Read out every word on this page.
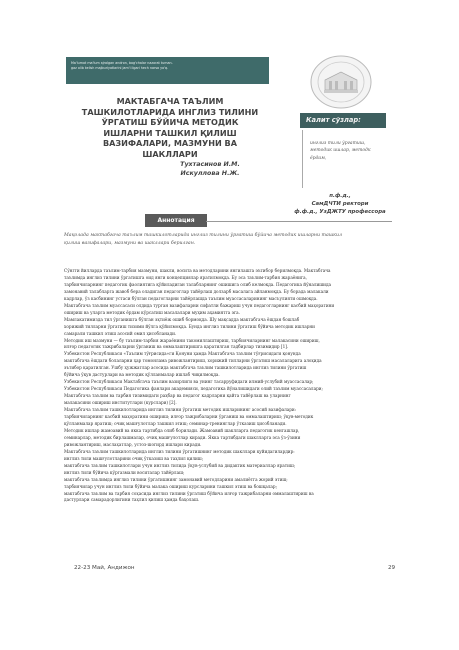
Ma'lumot ma'lum ajralgan andron, bog'chalar nazorat tuman.
gaz olib kelish majburiyatlarini jam'i ilgari hech narsa yo'q.
МАКТАБГАЧА ТАЪЛИМ
ТАШКИЛОТЛАРИДА ИНГЛИЗ ТИЛИНИ
ЎРГАТИШ БЎЙИЧА МЕТОДИК
ИШЛАРНИ ТАШКИЛ ҚИЛИШ
ВАЗИФАЛАРИ, МАЗМУНИ ВА
ШАКЛЛАРИ
Тухтасинов И.М.
Искуллова Н.Ж.
Калит сўзлар:
инглиз тили ўргатиш,
методик ишлар, методк
ёрдам,
п.ф.д.,
СамДЧТИ ректори
ф.ф.д., УзДЖТУ профессора
Аннотация
Мақолада мактабгача таълим ташкилотларида инглиз тилини ўргатиш бўйича методик ишларни ташкил
қилиш вазифалари, мазмуни ва шакллари берилган.
Сўнгги йилларда таълим-тарбия мазмуни, шакли, восита ва методларини янгилашга эътибор берилмоқда. Мактабгача
таълимда инглиз тилини ўргатишга оид янги концепциялар яратилмоқда. Бу эса таълим-тарбия жараёнига,
тарбиячиларнинг педагогик фаолиятига қўйиладиган талабларнинг ошишига олиб келмоқда. Педагогика йўналишида
замонавий талабларга жавоб бера оладиган педагоглар тайёрлаш долзарб масалага айланмоқда. Бу борада малакали
кадрлар, ўз касбининг устаси бўлган педагогларни тайёрлашда таълим муассасаларининг масъулияти ошмоқда.
Мактабгача таълим муассасаси олдида турган вазифаларни сифатли бажариш учун педагогларнинг касбий маҳоратини
ошириш ва уларга методик ёрдам кўрсатиш масалалари муҳим аҳамиятга эга.
Мамлакатимизда тил ўрганишга бўлган эҳтиёж ошиб бормоқда. Шу мақсадда мактабгача ёшдан бошлаб
хорижий тилларни ўргатиш тизими йўлга қўйилмоқда. Бунда инглиз тилини ўргатиш бўйича методик ишларни
самарали ташкил этиш асосий омил ҳисобланади.
Методик иш мазмуни — бу таълим-тарбия жараёнини такомиллаштириш, тарбиячиларнинг малакасини ошириш,
илғор педагогик тажрибаларни ўрганиш ва оммалаштиришга қаратилган тадбирлар тизимидир [1].
Ўзбекистон Республикаси «Таълим тўғрисида»ги Қонуни ҳамда Мактабгача таълим тўғрисидаги қонунда
мактабгача ёшдаги болаларни ҳар томонлама ривожлантириш, хорижий тилларни ўргатиш масалаларига алоҳида
эътибор қаратилган. Ушбу ҳужжатлар асосида мактабгача таълим ташкилотларида инглиз тилини ўргатиш
бўйича ўқув дастурлари ва методик қўлланмалар ишлаб чиқилмоқда.
Ўзбекистон Республикаси Мактабгача таълим вазирлиги ва унинг тасарруфидаги илмий-услубий муассасалар;
Ўзбекистон Республикаси Педагогика фанлари академияси, педагогика йўналишидаги олий таълим муассасалари;
Мактабгача таълим ва тарбия тизимидаги раҳбар ва педагог кадрларни қайта тайёрлаш ва уларнинг
малакасини ошириш институтлари (курслари) [2].
Мактабгача таълим ташкилотларида инглиз тилини ўргатиш методик ишларининг асосий вазифалари:
тарбиячиларнинг касбий маҳоратини ошириш; илғор тажрибаларни ўрганиш ва оммалаштириш; ўқув-методик
қўлланмалар яратиш; очиқ машғулотлар ташкил этиш; семинар-тренинглар ўтказиш ҳисобланади.
Методик ишлар жамоавий ва якка тартибда олиб борилади. Жамоавий шаклларга педагогик кенгашлар,
семинарлар, методик бирлашмалар, очиқ машғулотлар киради. Якка тартибдаги шаклларга эса ўз-ўзини
ривожлантириш, маслаҳатлар, устоз-шогирд ишлари киради.
Мактабгача таълим ташкилотларида инглиз тилини ўргатишнинг методик шакллари қуйидагилардир:
инглиз тили машғулотларини очиқ ўтказиш ва таҳлил қилиш;
мактабгача таълим ташкилотлари учун инглиз тилида ўқув-услубий ва дидактик материаллар яратиш;
инглиз тили бўйича кўргазмали воситалар тайёрлаш;
мактабгача таълимда инглиз тилини ўргатишнинг замонавий методларини амалиётга жорий этиш;
тарбиячилар учун инглиз тили бўйича малака ошириш курсларини ташкил этиш ва бошқалар;
мактабгача таълим ва тарбия соҳасида инглиз тилини ўргатиш бўйича илғор тажрибаларни оммалаштириш ва
дастурлари самарадорлигини таҳлил қилиш ҳамда баҳолаш.
22-23 Май, Андижон	29
